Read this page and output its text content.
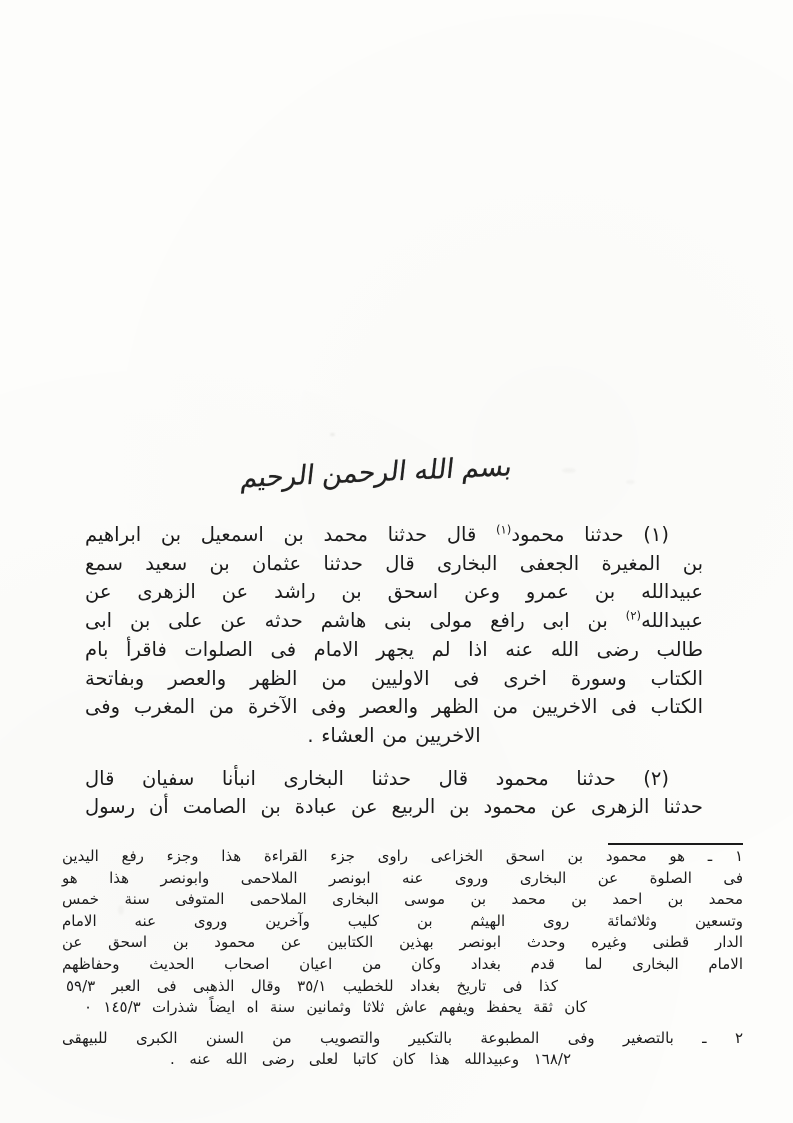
بسم الله الرحمن الرحيم
(١) حدثنا محمود$^{(١)}$ قال حدثنا محمد بن اسمعيل بن ابراهيم
بن المغيرة الجعفى البخارى قال حدثنا عثمان بن سعيد سمع
عبيدالله بن عمرو وعن اسحق بن راشد عن الزهرى عن
عبيدالله$^{(٢)}$ بن ابى رافع مولى بنى هاشم حدثه عن على بن ابى
طالب رضى الله عنه اذا لم يجهر الامام فى الصلوات فاقرأ بام
الكتاب وسورة اخرى فى الاوليين من الظهر والعصر وبفاتحة
الكتاب فى الاخريين من الظهر والعصر وفى الآخرة من المغرب وفى
الاخريين من العشاء .
(٢) حدثنا محمود قال حدثنا البخارى انبأنا سفيان قال
حدثنا الزهرى عن محمود بن الربيع عن عبادة بن الصامت أن رسول
١ ـ هو محمود بن اسحق الخزاعى راوى جزء القراءة هذا وجزء رفع اليدين
فى الصلوة عن البخارى وروى عنه ابونصر الملاحمى وابونصر هذا هو
محمد بن احمد بن محمد بن موسى البخارى الملاحمى المتوفى سنة خمس
وتسعين وثلاثمائة روى الهيثم بن كليب وآخرين وروى عنه الامام
الدار قطنى وغيره وحدث ابونصر بهذين الكتابين عن محمود بن اسحق عن
الامام البخارى لما قدم بغداد وكان من اعيان اصحاب الحديث وحفاظهم
كذا فى تاريخ بغداد للخطيب ٣٥/١ وقال الذهبى فى العبر ٥٩/٣
كان ثقة يحفظ ويفهم عاش ثلاثا وثمانين سنة اه ايضاً شذرات ١٤٥/٣ ٠
٢ ـ بالتصغير وفى المطبوعة بالتكبير والتصويب من السنن الكبرى للبيهقى
١٦٨/٢ وعبيدالله هذا كان كاتبا لعلى رضى الله عنه .
